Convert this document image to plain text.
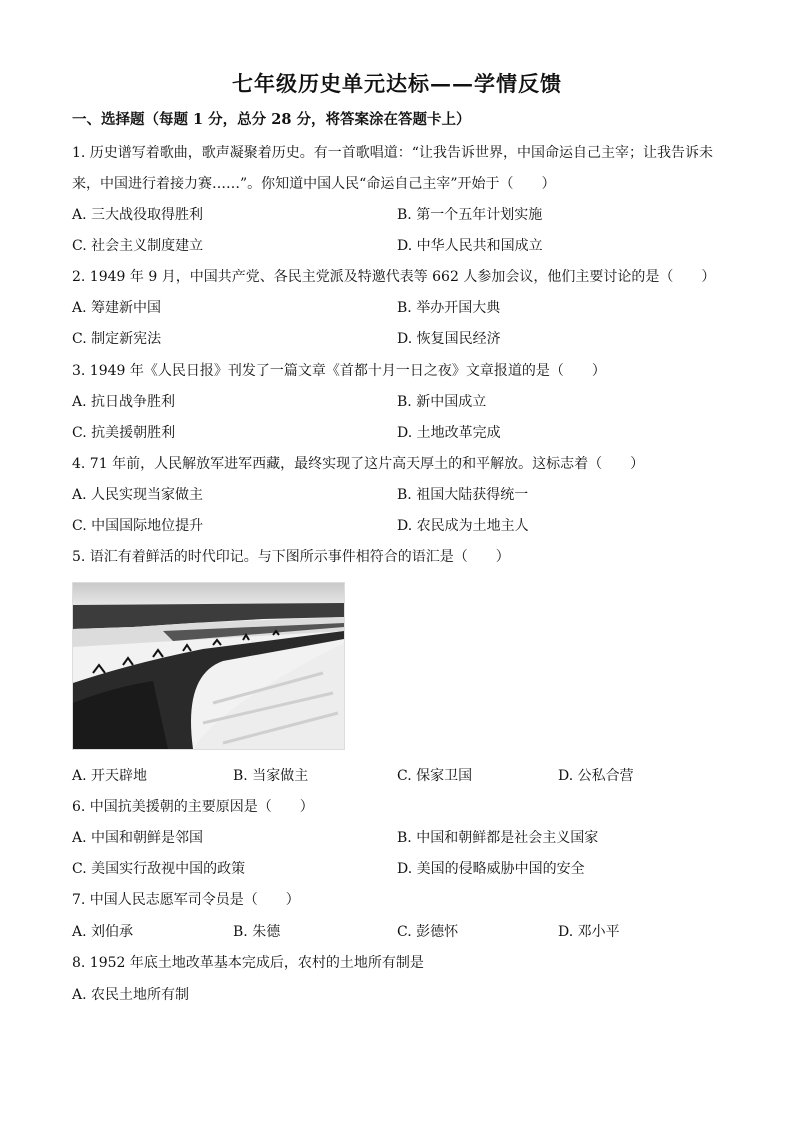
七年级历史单元达标——学情反馈
一、选择题（每题 1 分，总分 28 分，将答案涂在答题卡上）
1. 历史谱写着歌曲，歌声凝聚着历史。有一首歌唱道：“让我告诉世界，中国命运自己主宰；让我告诉未
来，中国进行着接力赛……”。你知道中国人民“命运自己主宰”开始于（　　）
A. 三大战役取得胜利	B. 第一个五年计划实施
C. 社会主义制度建立	D. 中华人民共和国成立
2. 1949 年 9 月，中国共产党、各民主党派及特邀代表等 662 人参加会议，他们主要讨论的是（　　）
A. 筹建新中国	B. 举办开国大典
C. 制定新宪法	D. 恢复国民经济
3. 1949 年《人民日报》刊发了一篇文章《首都十月一日之夜》文章报道的是（　　）
A. 抗日战争胜利	B. 新中国成立
C. 抗美援朝胜利	D. 土地改革完成
4. 71 年前，人民解放军进军西藏，最终实现了这片高天厚土的和平解放。这标志着（　　）
A. 人民实现当家做主	B. 祖国大陆获得统一
C. 中国国际地位提升	D. 农民成为土地主人
5. 语汇有着鲜活的时代印记。与下图所示事件相符合的语汇是（　　）
A. 开天辟地	B. 当家做主	C. 保家卫国	D. 公私合营
6. 中国抗美援朝的主要原因是（　　）
A. 中国和朝鲜是邻国	B. 中国和朝鲜都是社会主义国家
C. 美国实行敌视中国的政策	D. 美国的侵略威胁中国的安全
7. 中国人民志愿军司令员是（　　）
A. 刘伯承	B. 朱德	C. 彭德怀	D. 邓小平
8. 1952 年底土地改革基本完成后，农村的土地所有制是
A. 农民土地所有制
